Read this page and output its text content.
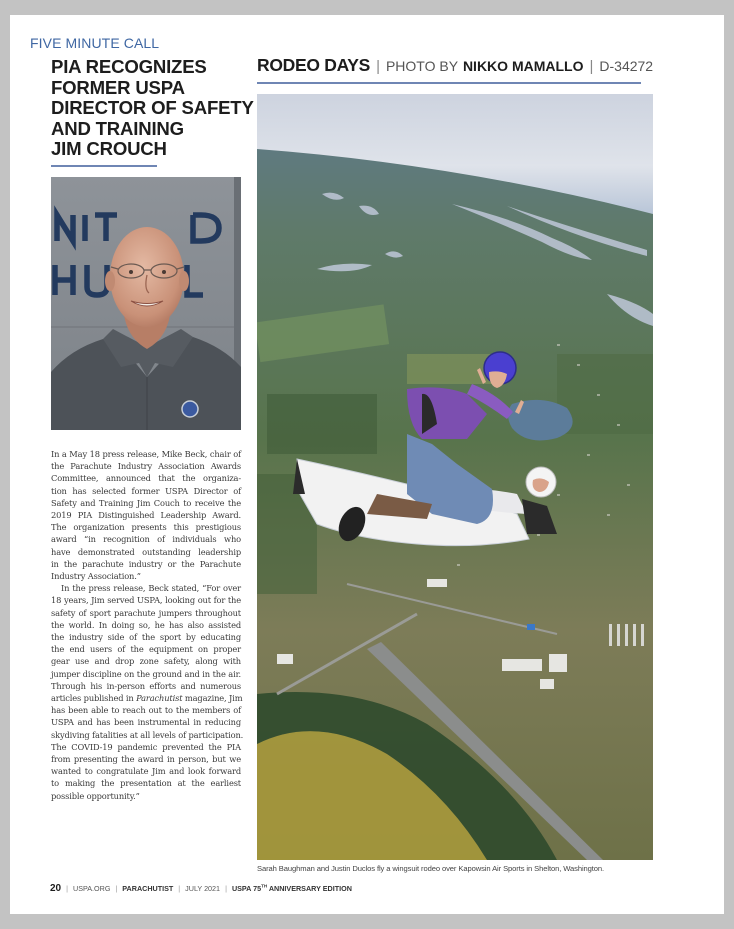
FIVE MINUTE CALL
PIA RECOGNIZES
FORMER USPA
DIRECTOR OF SAFETY
AND TRAINING
JIM CROUCH

In a May 18 press release, Mike Beck, chair of
the Parachute Industry Association Awards
Committee, announced that the organiza-
tion has selected former USPA Director of
Safety and Training Jim Couch to receive the
2019 PIA Distinguished Leadership Award.
The organization presents this prestigious
award “in recognition of individuals who
have demonstrated outstanding leadership
in the parachute industry or the Parachute
Industry Association.”

In the press release, Beck stated, “For over
18 years, Jim served USPA, looking out for the
safety of sport parachute jumpers throughout
the world. In doing so, he has also assisted
the industry side of the sport by educating
the end users of the equipment on proper
gear use and drop zone safety, along with
jumper discipline on the ground and in the air.
Through his in-person efforts and numerous
articles published in Parachutist magazine, Jim
has been able to reach out to the members of
USPA and has been instrumental in reducing
skydiving fatalities at all levels of participation.
The COVID-19 pandemic prevented the PIA
from presenting the award in person, but we
wanted to congratulate Jim and look forward
to making the presentation at the earliest
possible opportunity.”

RODEO DAYS | PHOTO BY NIKKO MAMALLO | D-34272
Sarah Baughman and Justin Duclos fly a wingsuit rodeo over Kapowsin Air Sports in Shelton, Washington.
20 | USPA.ORG | PARACHUTIST | JULY 2021 | USPA 75TH ANNIVERSARY EDITION
